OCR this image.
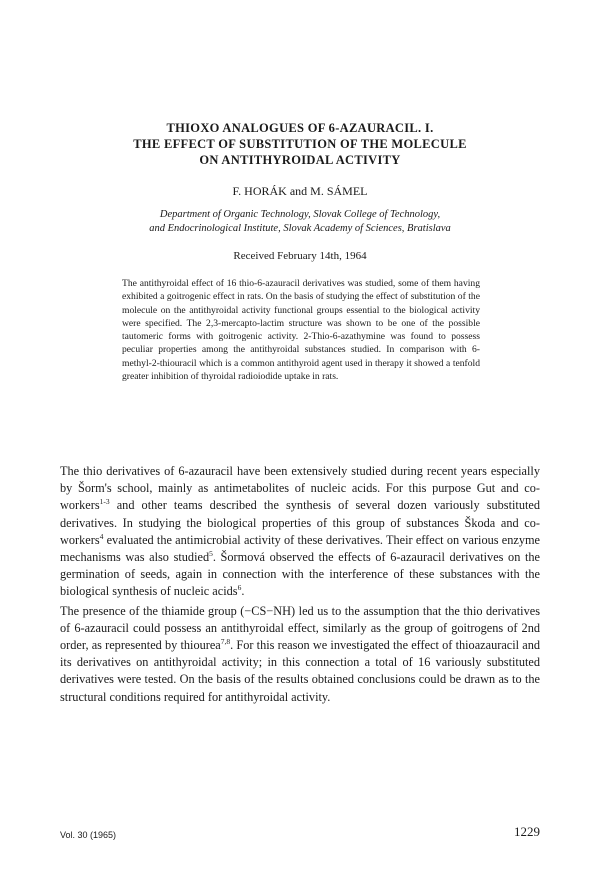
THIOXO ANALOGUES OF 6-AZAURACIL. I.
THE EFFECT OF SUBSTITUTION OF THE MOLECULE
ON ANTITHYROIDAL ACTIVITY
F. HORÁK and M. SÁMEL
Department of Organic Technology, Slovak College of Technology,
and Endocrinological Institute, Slovak Academy of Sciences, Bratislava
Received February 14th, 1964
The antithyroidal effect of 16 thio-6-azauracil derivatives was studied, some of them having exhibited a goitrogenic effect in rats. On the basis of studying the effect of substitution of the molecule on the antithyroidal activity functional groups essential to the biological activity were specified. The 2,3-mercapto-lactim structure was shown to be one of the possible tautomeric forms with goitrogenic activity. 2-Thio-6-azathymine was found to possess peculiar properties among the antithyroidal substances studied. In comparison with 6-methyl-2-thiouracil which is a common antithyroid agent used in therapy it showed a tenfold greater inhibition of thyroidal radioiodide uptake in rats.

The thio derivatives of 6-azauracil have been extensively studied during recent years especially by Šorm's school, mainly as antimetabolites of nucleic acids. For this purpose Gut and co-workers$^{1-3}$ and other teams described the synthesis of several dozen variously substituted derivatives. In studying the biological properties of this group of substances Škoda and co-workers$^4$ evaluated the antimicrobial activity of these derivatives. Their effect on various enzyme mechanisms was also studied$^5$. Šormová observed the effects of 6-azauracil derivatives on the germination of seeds, again in connection with the interference of these substances with the biological synthesis of nucleic acids$^6$.

The presence of the thiamide group (−CS−NH) led us to the assumption that the thio derivatives of 6-azauracil could possess an antithyroidal effect, similarly as the group of goitrogens of 2nd order, as represented by thiourea$^{7,8}$. For this reason we investigated the effect of thioazauracil and its derivatives on antithyroidal activity; in this connection a total of 16 variously substituted derivatives were tested. On the basis of the results obtained conclusions could be drawn as to the structural conditions required for antithyroidal activity.

Vol. 30 (1965)	1229
